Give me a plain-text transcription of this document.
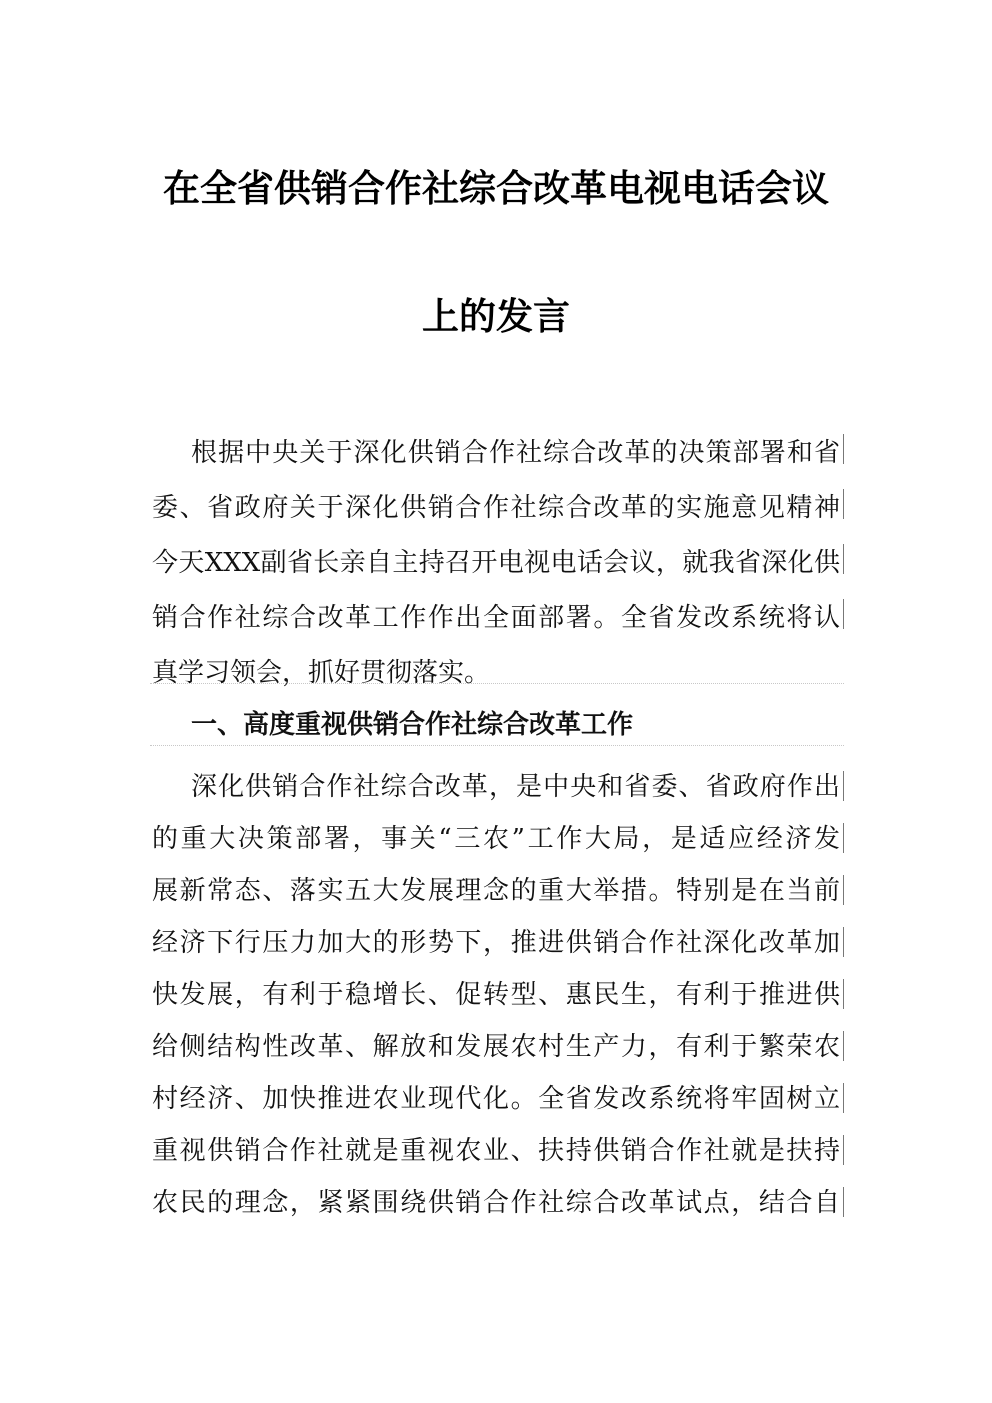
在全省供销合作社综合改革电视电话会议
上的发言
根据中央关于深化供销合作社综合改革的决策部署和省
委、省政府关于深化供销合作社综合改革的实施意见精神
今天XXX副省长亲自主持召开电视电话会议，就我省深化供
销合作社综合改革工作作出全面部署。全省发改系统将认
真学习领会，抓好贯彻落实。
一、高度重视供销合作社综合改革工作
深化供销合作社综合改革，是中央和省委、省政府作出
的重大决策部署，事关“三农”工作大局，是适应经济发
展新常态、落实五大发展理念的重大举措。特别是在当前
经济下行压力加大的形势下，推进供销合作社深化改革加
快发展，有利于稳增长、促转型、惠民生，有利于推进供
给侧结构性改革、解放和发展农村生产力，有利于繁荣农
村经济、加快推进农业现代化。全省发改系统将牢固树立
重视供销合作社就是重视农业、扶持供销合作社就是扶持
农民的理念，紧紧围绕供销合作社综合改革试点，结合自
